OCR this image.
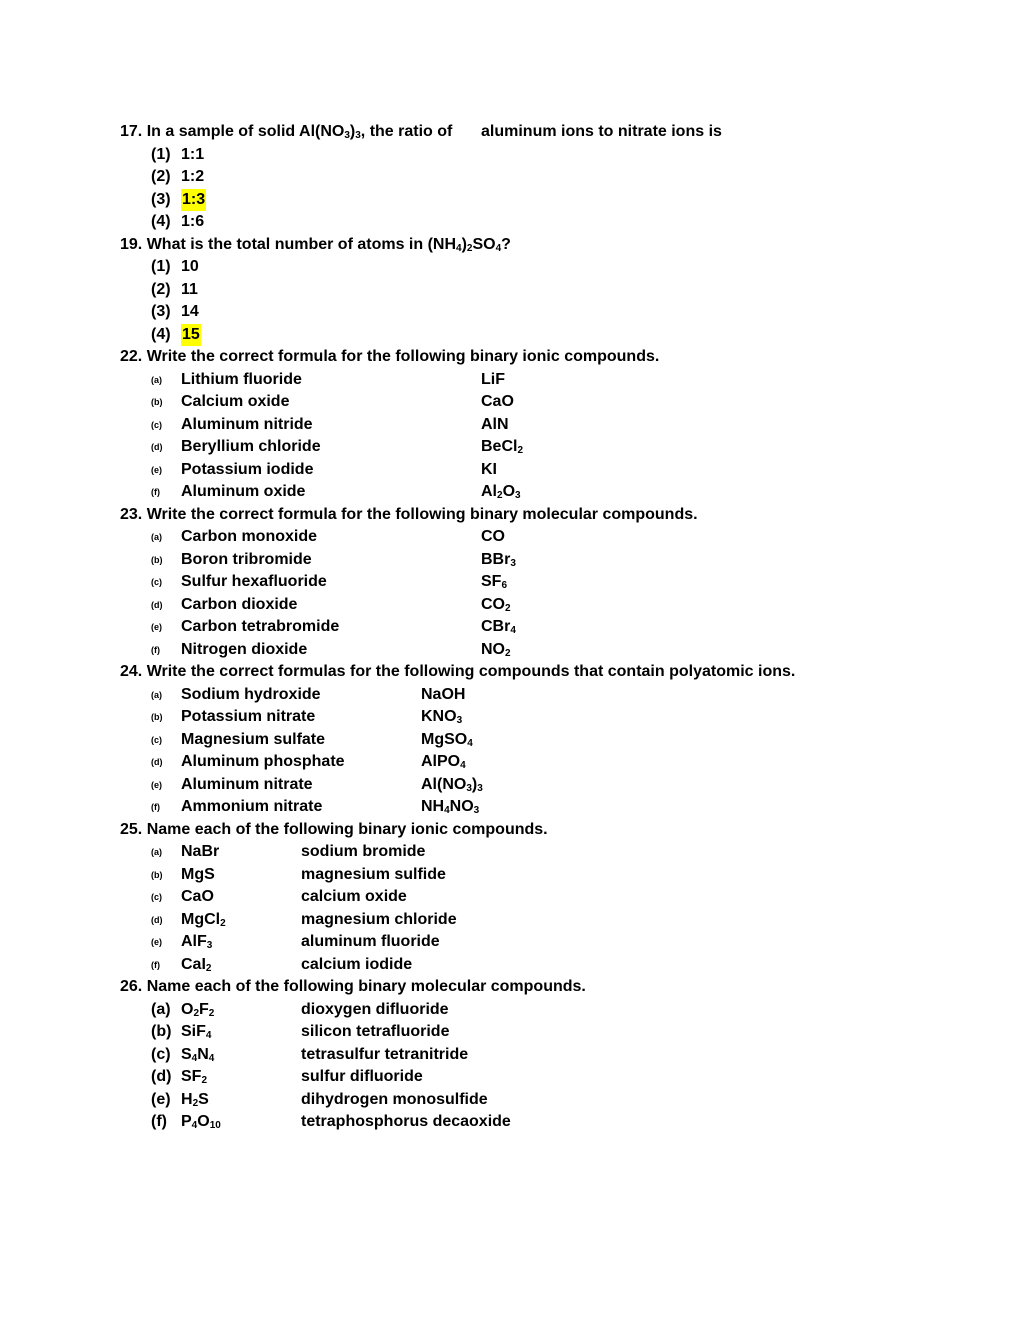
17. In a sample of solid $Al(NO_3)_3$, the ratio of aluminum ions to nitrate ions is
(1) 1:1
(2) 1:2
(3) 1:3
(4) 1:6
19. What is the total number of atoms in $(NH_4)_2SO_4$?
(1) 10
(2) 11
(3) 14
(4) 15
22. Write the correct formula for the following binary ionic compounds.
(a) Lithium fluoride	LiF
(b) Calcium oxide	CaO
(c) Aluminum nitride	AlN
(d) Beryllium chloride	BeCl$_2$
(e) Potassium iodide	KI
(f) Aluminum oxide	$Al_2O_3$
23. Write the correct formula for the following binary molecular compounds.
(a) Carbon monoxide	CO
(b) Boron tribromide	BBr$_3$
(c) Sulfur hexafluoride	$SF_6$
(d) Carbon dioxide	$CO_2$
(e) Carbon tetrabromide	CBr$_4$
(f) Nitrogen dioxide	$NO_2$
24. Write the correct formulas for the following compounds that contain polyatomic ions.
(a) Sodium hydroxide	NaOH
(b) Potassium nitrate	$KNO_3$
(c) Magnesium sulfate	MgSO$_4$
(d) Aluminum phosphate	AlPO$_4$
(e) Aluminum nitrate	$Al(NO_3)_3$
(f) Ammonium nitrate	$NH_4NO_3$
25. Name each of the following binary ionic compounds.
(a) NaBr	sodium bromide
(b) MgS	magnesium sulfide
(c) CaO	calcium oxide
(d) MgCl$_2$	magnesium chloride
(e) AlF$_3$	aluminum fluoride
(f) CaI$_2$	calcium iodide
26. Name each of the following binary molecular compounds.
(a) $O_2F_2$	dioxygen difluoride
(b) SiF$_4$	silicon tetrafluoride
(c) $S_4N_4$	tetrasulfur tetranitride
(d) $SF_2$	sulfur difluoride
(e) $H_2S$	dihydrogen monosulfide
(f) $P_4O_{10}$	tetraphosphorus decaoxide
